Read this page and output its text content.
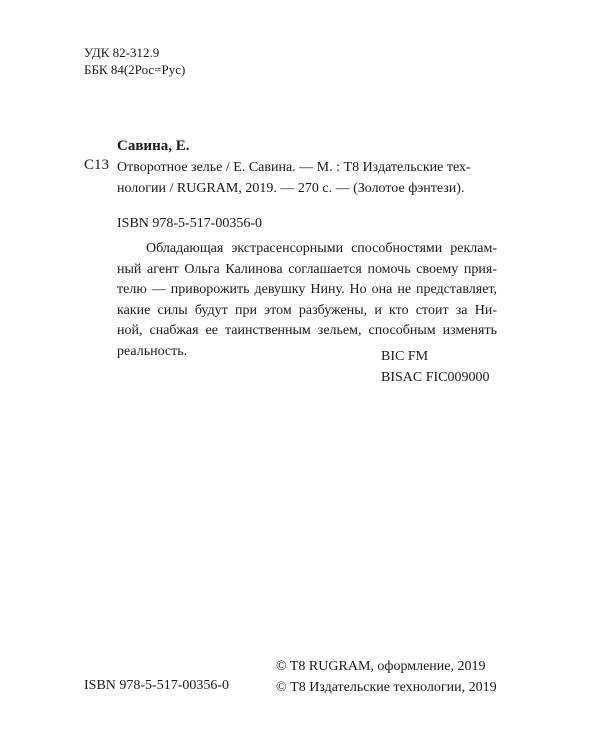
УДК 82-312.9
ББК 84(2Рос=Рус)
Савина, Е.
С13 Отворотное зелье / Е. Савина. — М. : Т8 Издательские тех-
нологии / RUGRAM, 2019. — 270 с. — (Золотое фэнтези).
ISBN 978-5-517-00356-0
Обладающая экстрасенсорными способностями реклам-
ный агент Ольга Калинова соглашается помочь своему прия-
телю — приворожить девушку Нину. Но она не представляет,
какие силы будут при этом разбужены, и кто стоит за Ни-
ной, снабжая ее таинственным зельем, способным изменять
реальность.	BIC FM
BISAC FIC009000
ISBN 978-5-517-00356-0
© T8 RUGRAM, оформление, 2019
© Т8 Издательские технологии, 2019
